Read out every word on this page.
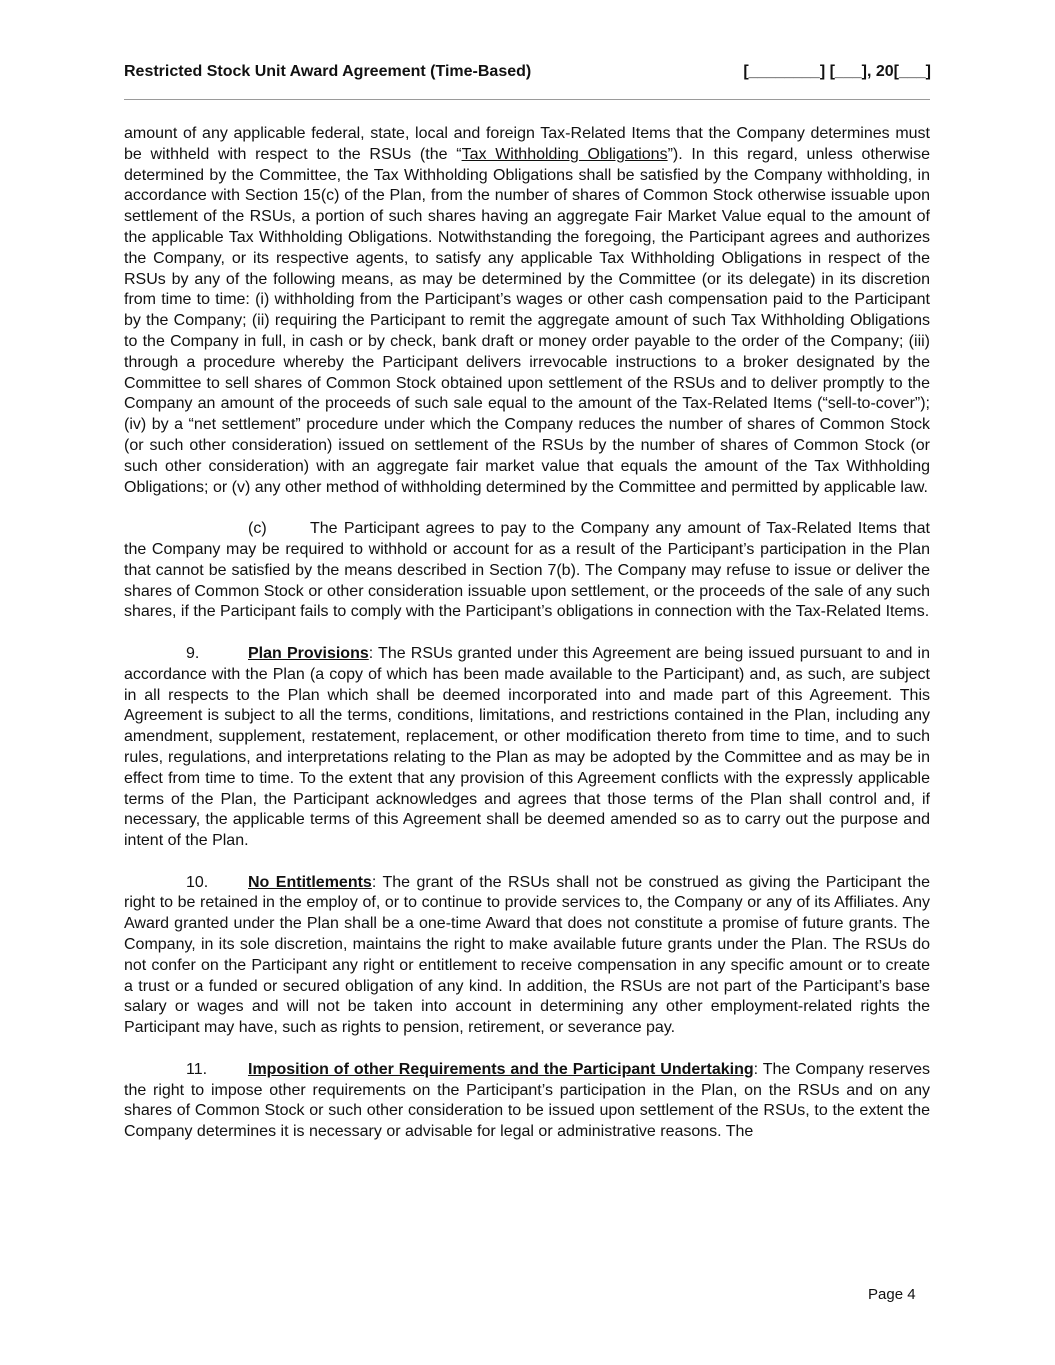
Restricted Stock Unit Award Agreement (Time-Based)	[________] [___], 20[___]

amount of any applicable federal, state, local and foreign Tax-Related Items that the Company determines must be withheld with respect to the RSUs (the “Tax Withholding Obligations”). In this regard, unless otherwise determined by the Committee, the Tax Withholding Obligations shall be satisfied by the Company withholding, in accordance with Section 15(c) of the Plan, from the number of shares of Common Stock otherwise issuable upon settlement of the RSUs, a portion of such shares having an aggregate Fair Market Value equal to the amount of the applicable Tax Withholding Obligations. Notwithstanding the foregoing, the Participant agrees and authorizes the Company, or its respective agents, to satisfy any applicable Tax Withholding Obligations in respect of the RSUs by any of the following means, as may be determined by the Committee (or its delegate) in its discretion from time to time: (i) withholding from the Participant’s wages or other cash compensation paid to the Participant by the Company; (ii) requiring the Participant to remit the aggregate amount of such Tax Withholding Obligations to the Company in full, in cash or by check, bank draft or money order payable to the order of the Company; (iii) through a procedure whereby the Participant delivers irrevocable instructions to a broker designated by the Committee to sell shares of Common Stock obtained upon settlement of the RSUs and to deliver promptly to the Company an amount of the proceeds of such sale equal to the amount of the Tax-Related Items (“sell-to-cover”); (iv) by a “net settlement” procedure under which the Company reduces the number of shares of Common Stock (or such other consideration) issued on settlement of the RSUs by the number of shares of Common Stock (or such other consideration) with an aggregate fair market value that equals the amount of the Tax Withholding Obligations; or (v) any other method of withholding determined by the Committee and permitted by applicable law.

(c)	The Participant agrees to pay to the Company any amount of Tax-Related Items that the Company may be required to withhold or account for as a result of the Participant’s participation in the Plan that cannot be satisfied by the means described in Section 7(b). The Company may refuse to issue or deliver the shares of Common Stock or other consideration issuable upon settlement, or the proceeds of the sale of any such shares, if the Participant fails to comply with the Participant’s obligations in connection with the Tax-Related Items.

9.	Plan Provisions: The RSUs granted under this Agreement are being issued pursuant to and in accordance with the Plan (a copy of which has been made available to the Participant) and, as such, are subject in all respects to the Plan which shall be deemed incorporated into and made part of this Agreement. This Agreement is subject to all the terms, conditions, limitations, and restrictions contained in the Plan, including any amendment, supplement, restatement, replacement, or other modification thereto from time to time, and to such rules, regulations, and interpretations relating to the Plan as may be adopted by the Committee and as may be in effect from time to time. To the extent that any provision of this Agreement conflicts with the expressly applicable terms of the Plan, the Participant acknowledges and agrees that those terms of the Plan shall control and, if necessary, the applicable terms of this Agreement shall be deemed amended so as to carry out the purpose and intent of the Plan.

10. No Entitlements: The grant of the RSUs shall not be construed as giving the Participant the right to be retained in the employ of, or to continue to provide services to, the Company or any of its Affiliates. Any Award granted under the Plan shall be a one-time Award that does not constitute a promise of future grants. The Company, in its sole discretion, maintains the right to make available future grants under the Plan. The RSUs do not confer on the Participant any right or entitlement to receive compensation in any specific amount or to create a trust or a funded or secured obligation of any kind. In addition, the RSUs are not part of the Participant’s base salary or wages and will not be taken into account in determining any other employment-related rights the Participant may have, such as rights to pension, retirement, or severance pay.

11.	Imposition of other Requirements and the Participant Undertaking: The Company reserves the right to impose other requirements on the Participant’s participation in the Plan, on the RSUs and on any shares of Common Stock or such other consideration to be issued upon settlement of the RSUs, to the extent the Company determines it is necessary or advisable for legal or administrative reasons. The

Page 4
